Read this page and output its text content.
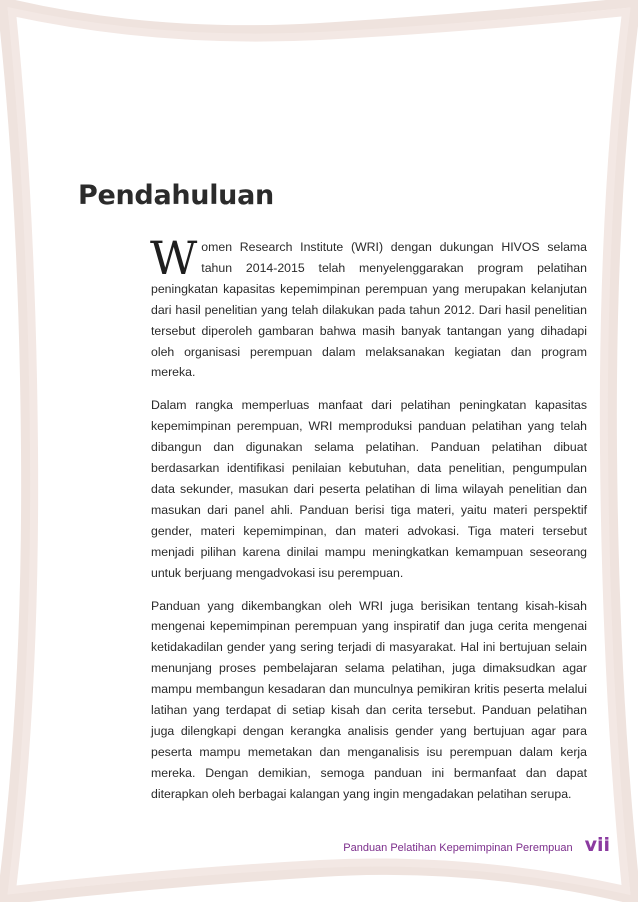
Pendahuluan

Women Research Institute (WRI) dengan dukungan HIVOS selama tahun 2014-2015 telah menyelenggarakan program pelatihan peningkatan kapasitas kepemimpinan perempuan yang merupakan kelanjutan dari hasil penelitian yang telah dilakukan pada tahun 2012. Dari hasil penelitian tersebut diperoleh gambaran bahwa masih banyak tantangan yang dihadapi oleh organisasi perempuan dalam melaksanakan kegiatan dan program mereka.

Dalam rangka memperluas manfaat dari pelatihan peningkatan kapasitas kepemimpinan perempuan, WRI memproduksi panduan pelatihan yang telah dibangun dan digunakan selama pelatihan. Panduan pelatihan dibuat berdasarkan identifikasi penilaian kebutuhan, data penelitian, pengumpulan data sekunder, masukan dari peserta pelatihan di lima wilayah penelitian dan masukan dari panel ahli. Panduan berisi tiga materi, yaitu materi perspektif gender, materi kepemimpinan, dan materi advokasi. Tiga materi tersebut menjadi pilihan karena dinilai mampu meningkatkan kemampuan seseorang untuk berjuang mengadvokasi isu perempuan.

Panduan yang dikembangkan oleh WRI juga berisikan tentang kisah-kisah mengenai kepemimpinan perempuan yang inspiratif dan juga cerita mengenai ketidakadilan gender yang sering terjadi di masyarakat. Hal ini bertujuan selain menunjang proses pembelajaran selama pelatihan, juga dimaksudkan agar mampu membangun kesadaran dan munculnya pemikiran kritis peserta melalui latihan yang terdapat di setiap kisah dan cerita tersebut. Panduan pelatihan juga dilengkapi dengan kerangka analisis gender yang bertujuan agar para peserta mampu memetakan dan menganalisis isu perempuan dalam kerja mereka. Dengan demikian, semoga panduan ini bermanfaat dan dapat diterapkan oleh berbagai kalangan yang ingin mengadakan pelatihan serupa.

Panduan Pelatihan Kepemimpinan Perempuan vii
